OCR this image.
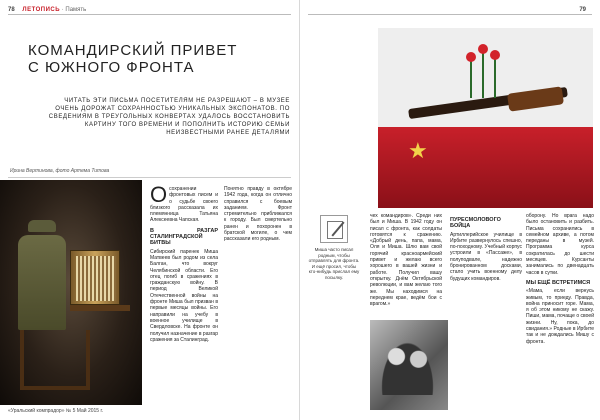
78 ЛЕТОПИСЬ · Память
КОМАНДИРСКИЙ ПРИВЕТ
С ЮЖНОГО ФРОНТА
ЧИТАТЬ ЭТИ ПИСЬМА ПОСЕТИТЕЛЯМ НЕ РАЗРЕШАЮТ – В МУЗЕЕ ОЧЕНЬ ДОРОЖАТ СОХРАННОСТЬЮ УНИКАЛЬНЫХ ЭКСПОНАТОВ. ПО СВЕДЕНИЯМ В ТРЕУГОЛЬНЫХ КОНВЕРТАХ УДАЛОСЬ ВОССТАНОВИТЬ КАРТИНУ ТОГО ВРЕМЕНИ И ПОПОЛНИТЬ ИСТОРИЮ СЕМЬИ НЕИЗВЕСТНЫМИ РАНЕЕ ДЕТАЛЯМИ
Ирина Вертинова, фото Артема Титова
О сохранении фронтовых писем и о судьбе своего близкого рассказала их племянница Татьяна Алексеевна Чапская.
В РАЗГАР СТАЛИНГРАДСКОЙ БИТВЫ
Сибирский паренек Миша Матвеев был родом из села Балган, что вокруг Челябинской области. Его отец погиб в сражениях в гражданскую войну. В период Великой Отечественной войны на фронте Миша был призван в первые месяцы войны. Его направили на учебу в военное училище в Свердловске. На фронте он получил назначение в разгар сражения за Сталинград.
Понятно правду в октябре 1942 года, когда он отлично справился с боевым заданием. Фронт стремительно приближался к городу. Был смертельно ранен и похоронен в братской могиле, о чем рассказали его родным.
«Уральский компрадор» № 5 Май 2015 г.
79
★
Миша часто писал родным, чтобы отправлять для фронта. И ещё просил, чтобы кто-нибудь прислал ему посылку.
чех командиров». Среди них был и Миша. В 1942 году он писал с фронта, как солдаты готовятся к сражению. «Добрый день, папа, мама, Оля и Миша. Шлю вам свой горячий красноармейский привет и желаю всего хорошего в вашей жизни и работе. Получил вашу открытку. Днём Октябрьской революции, и вам желаю того же. Мы находимся на переднем крае, ведём бои с врагом.»
ПУРЕСМОЛОВОГО БОЙЦА
Артиллерийское училище в Ирбите развернулось спешно, по-походному. Учебный корпус устроили в «Пассаже», в полуподвале, надежно бронированном досками, стало учить военному делу будущих командиров.
оборону. Но врага надо было остановить и разбить. Письма сохранились в семейном архиве, а потом переданы в музей. Программа курса сократилась до шести месяцев. Курсанты занимались по двенадцать часов в сутки.
МЫ ЕЩЁ ВСТРЕТИМСЯ
«Мама, если вернусь живым, то приеду. Правда, война приносит горе. Мама, я об этом никому не скажу. Пиши, мама, почаще о своей жизни. Ну, пока, до свидания.» Родные в Ирбите так и не дождались Мишу с фронта.
